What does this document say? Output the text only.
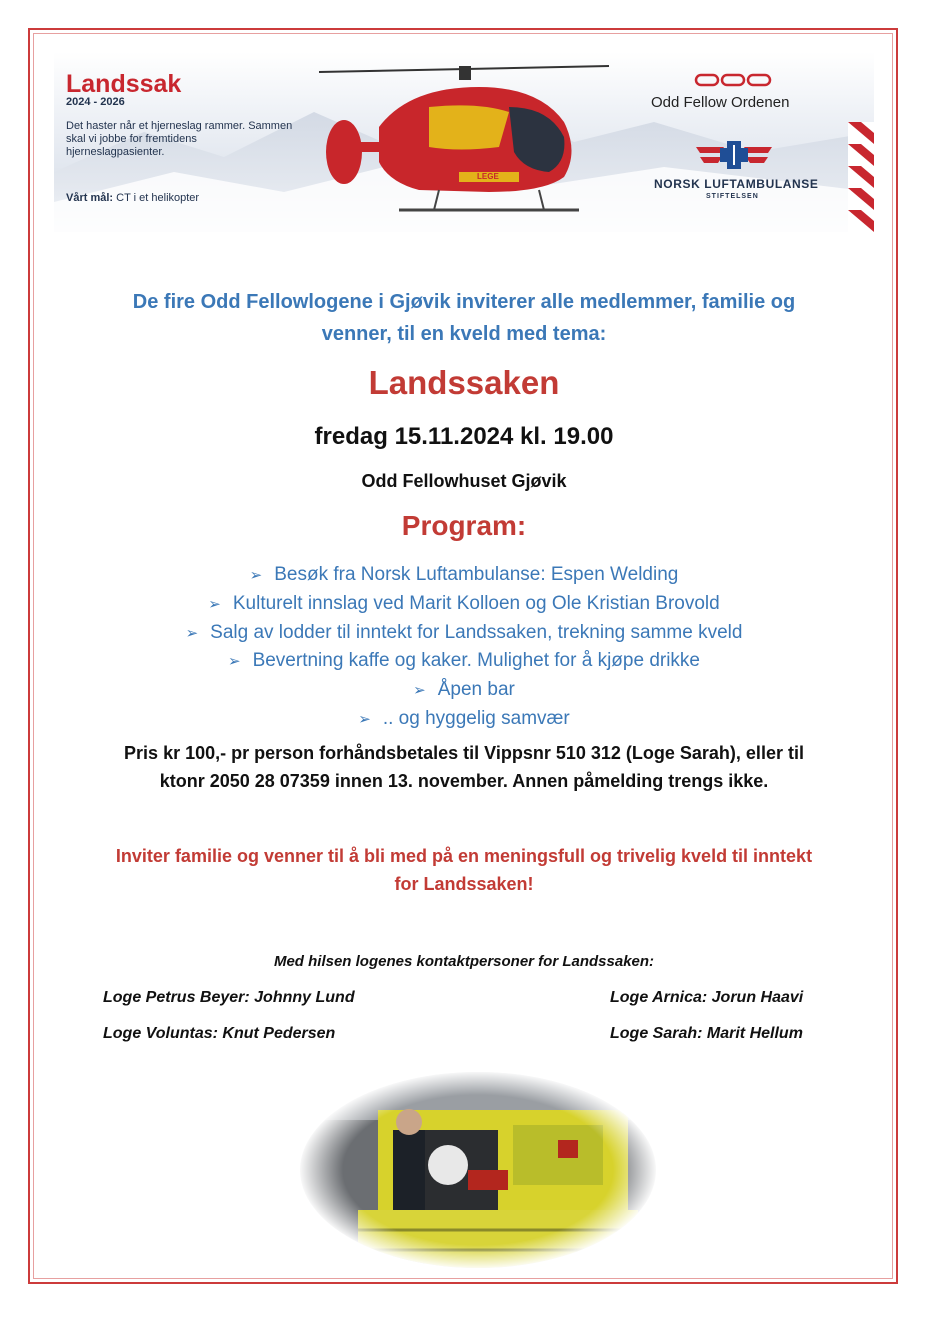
Landssak
2024 - 2026
Det haster når et hjerneslag rammer. Sammen skal vi jobbe for fremtidens hjerneslagpasienter.
Vårt mål: CT i et helikopter
LEGE
Odd Fellow Ordenen
NORSK LUFTAMBULANSE
STIFTELSEN
De fire Odd Fellowlogene i Gjøvik inviterer alle medlemmer, familie og
venner, til en kveld med tema:
Landssaken
fredag 15.11.2024 kl. 19.00
Odd Fellowhuset Gjøvik
Program:
➢ Besøk fra Norsk Luftambulanse: Espen Welding
➢ Kulturelt innslag ved Marit Kolloen og Ole Kristian Brovold
➢ Salg av lodder til inntekt for Landssaken, trekning samme kveld
➢ Bevertning kaffe og kaker. Mulighet for å kjøpe drikke
➢ Åpen bar
➢ .. og hyggelig samvær
Pris kr 100,- pr person forhåndsbetales til Vippsnr 510 312 (Loge Sarah), eller til
ktonr 2050 28 07359 innen 13. november. Annen påmelding trengs ikke.
Inviter familie og venner til å bli med på en meningsfull og trivelig kveld til inntekt
for Landssaken!
Med hilsen logenes kontaktpersoner for Landssaken:
Loge Petrus Beyer: Johnny Lund	Loge Arnica: Jorun Haavi
Loge Voluntas: Knut Pedersen	Loge Sarah: Marit Hellum
